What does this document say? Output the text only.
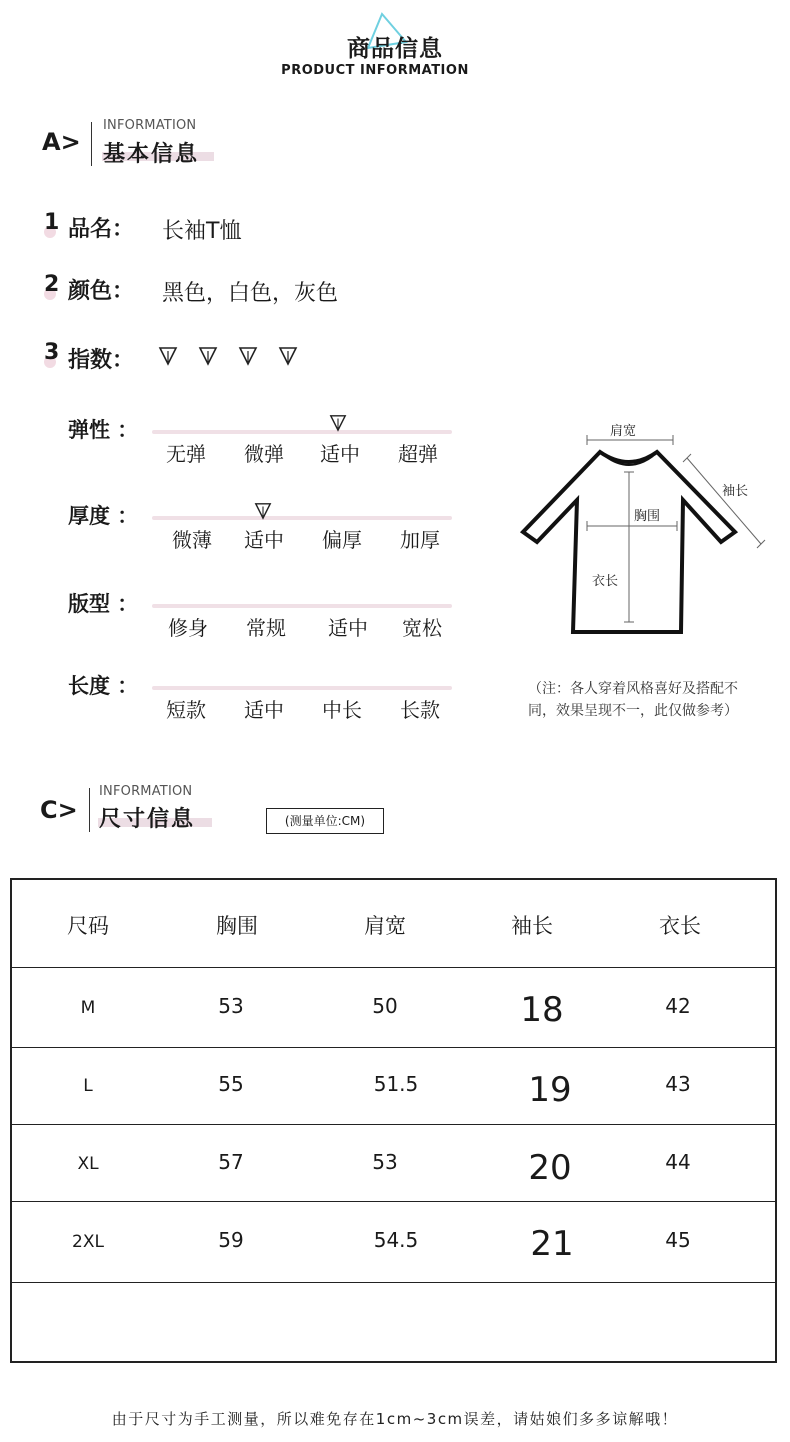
商品信息
PRODUCT INFORMATION
A>
INFORMATION
基本信息
1 品名： 长袖T恤
2 颜色： 黑色，白色，灰色
3 指数：
弹性 ：
无弹	微弹	适中	超弹
厚度 ：
微薄	适中	偏厚	加厚
版型 ：
修身	常规	适中	宽松
长度 ：
短款	适中	中长	长款
肩宽
袖长
胸围
衣长
（注：各人穿着风格喜好及搭配不
同，效果呈现不一，此仅做参考）
C>
INFORMATION
尺寸信息	(测量单位:CM)
尺码	胸围	肩宽	袖长	衣长
M	53	50	18	42
L	55	51.5	19	43
XL	57	53	20	44
2XL	59	54.5	21	45
由于尺寸为手工测量，所以难免存在1cm~3cm误差，请姑娘们多多谅解哦！
